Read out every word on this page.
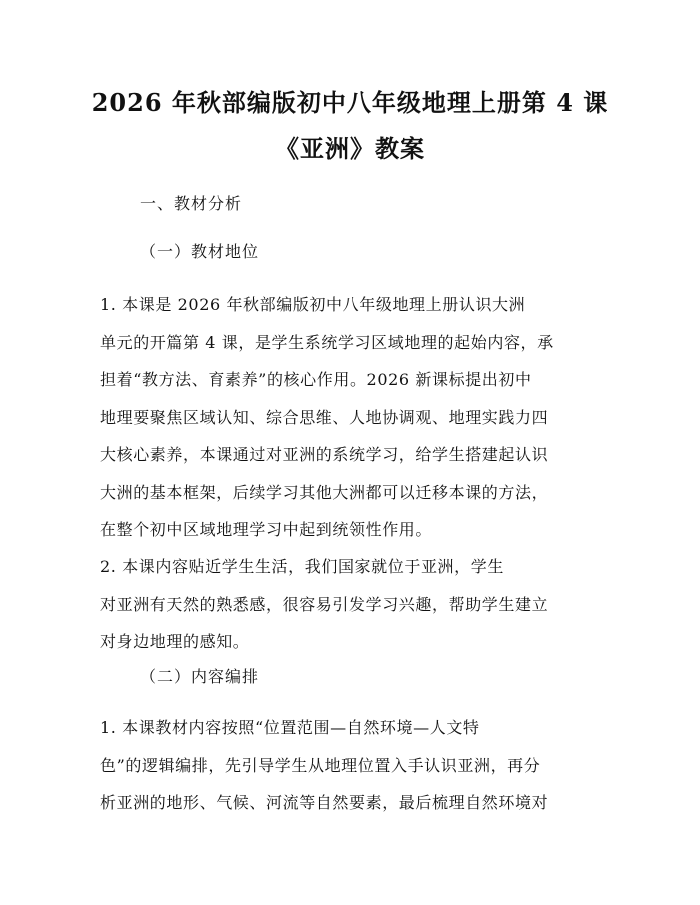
2026 年秋部编版初中八年级地理上册第 4 课
《亚洲》教案
一、教材分析
（一）教材地位
1. 本课是 2026 年秋部编版初中八年级地理上册认识大洲
单元的开篇第 4 课，是学生系统学习区域地理的起始内容，承
担着“教方法、育素养”的核心作用。2026 新课标提出初中
地理要聚焦区域认知、综合思维、人地协调观、地理实践力四
大核心素养，本课通过对亚洲的系统学习，给学生搭建起认识
大洲的基本框架，后续学习其他大洲都可以迁移本课的方法，
在整个初中区域地理学习中起到统领性作用。
2. 本课内容贴近学生生活，我们国家就位于亚洲，学生
对亚洲有天然的熟悉感，很容易引发学习兴趣，帮助学生建立
对身边地理的感知。
（二）内容编排
1. 本课教材内容按照“位置范围—自然环境—人文特
色”的逻辑编排，先引导学生从地理位置入手认识亚洲，再分
析亚洲的地形、气候、河流等自然要素，最后梳理自然环境对
